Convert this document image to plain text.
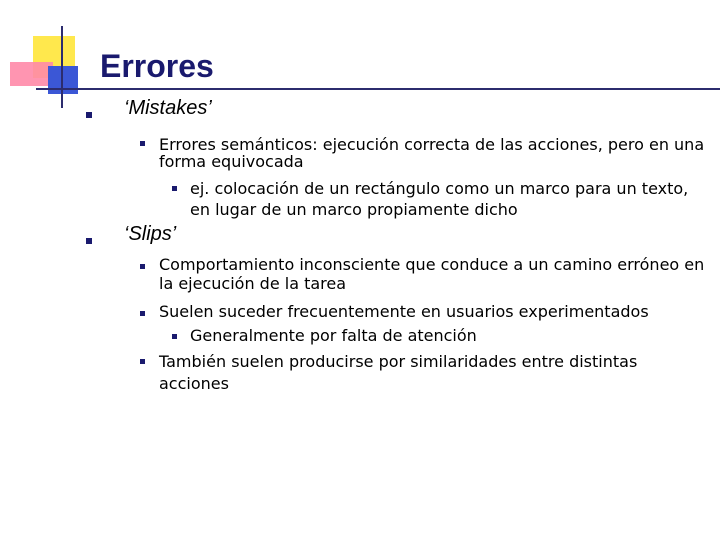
Errores
‘Mistakes’
Errores semánticos: ejecución correcta de las acciones, pero en una
forma equivocada
ej. colocación de un rectángulo como un marco para un texto,
en lugar de un marco propiamente dicho
‘Slips’
Comportamiento inconsciente que conduce a un camino erróneo en
la ejecución de la tarea
Suelen suceder frecuentemente en usuarios experimentados
Generalmente por falta de atención
También suelen producirse por similaridades entre distintas
acciones
